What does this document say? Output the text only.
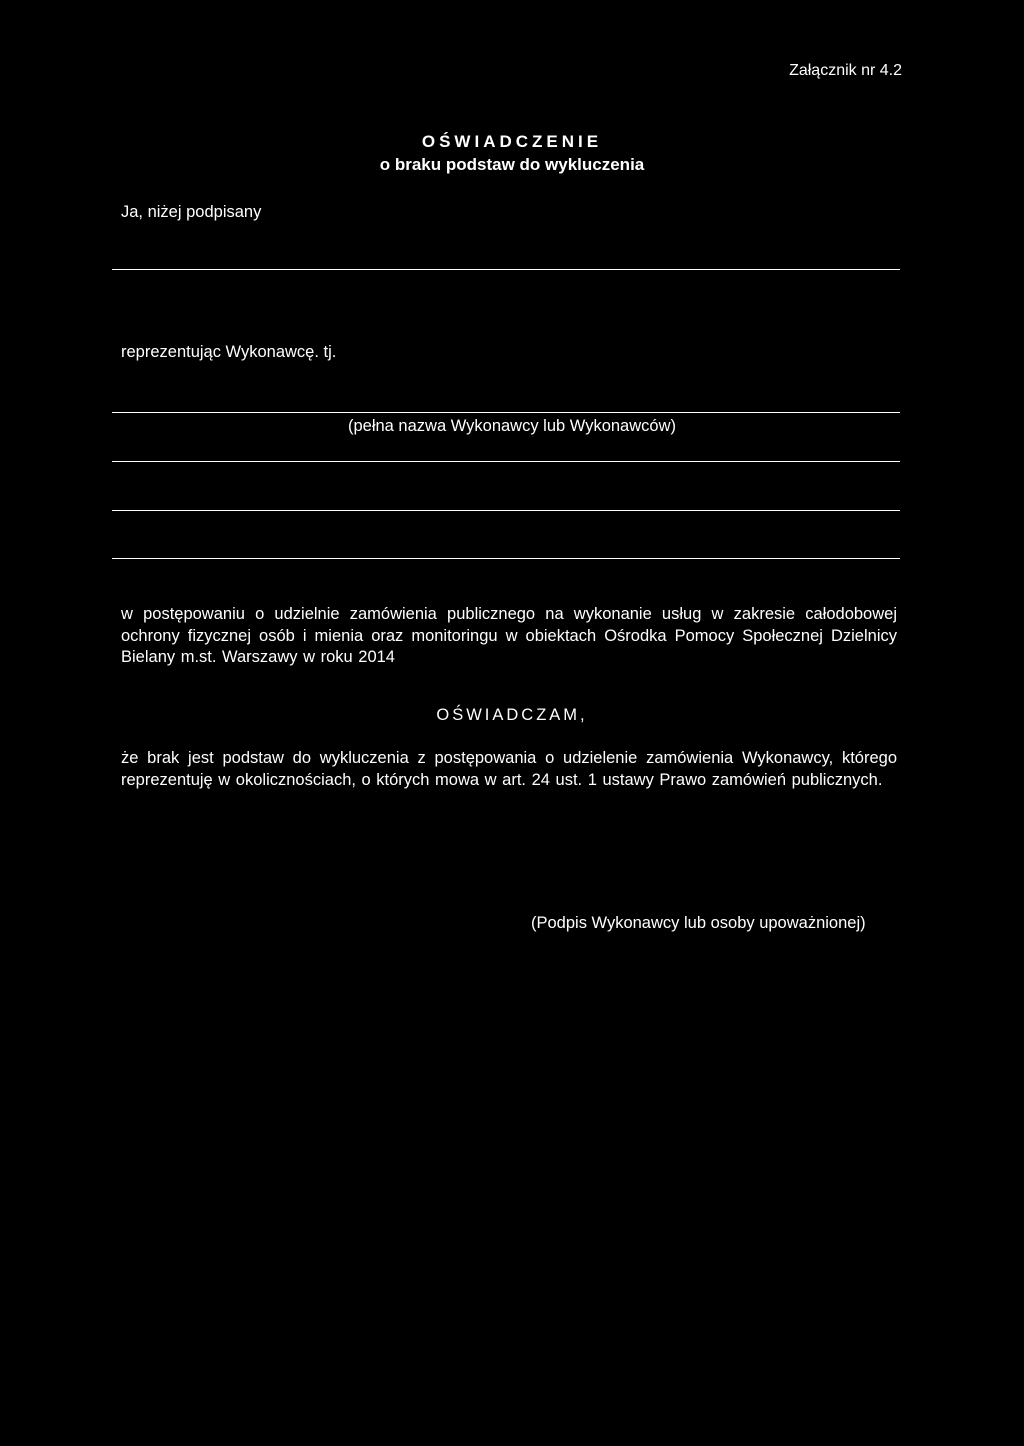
Załącznik nr 4.2
OŚWIADCZENIE
o braku podstaw do wykluczenia
Ja, niżej podpisany
reprezentując Wykonawcę. tj.
(pełna nazwa Wykonawcy lub Wykonawców)
w postępowaniu o udzielnie zamówienia publicznego na wykonanie usług w zakresie całodobowej ochrony fizycznej osób i mienia oraz monitoringu w obiektach Ośrodka Pomocy Społecznej Dzielnicy Bielany m.st. Warszawy w roku 2014
OŚWIADCZAM,
że brak jest podstaw do wykluczenia z postępowania o udzielenie zamówienia Wykonawcy, którego reprezentuję w okolicznościach, o których mowa w art. 24 ust. 1 ustawy Prawo zamówień publicznych.
(Podpis Wykonawcy lub osoby upoważnionej)
